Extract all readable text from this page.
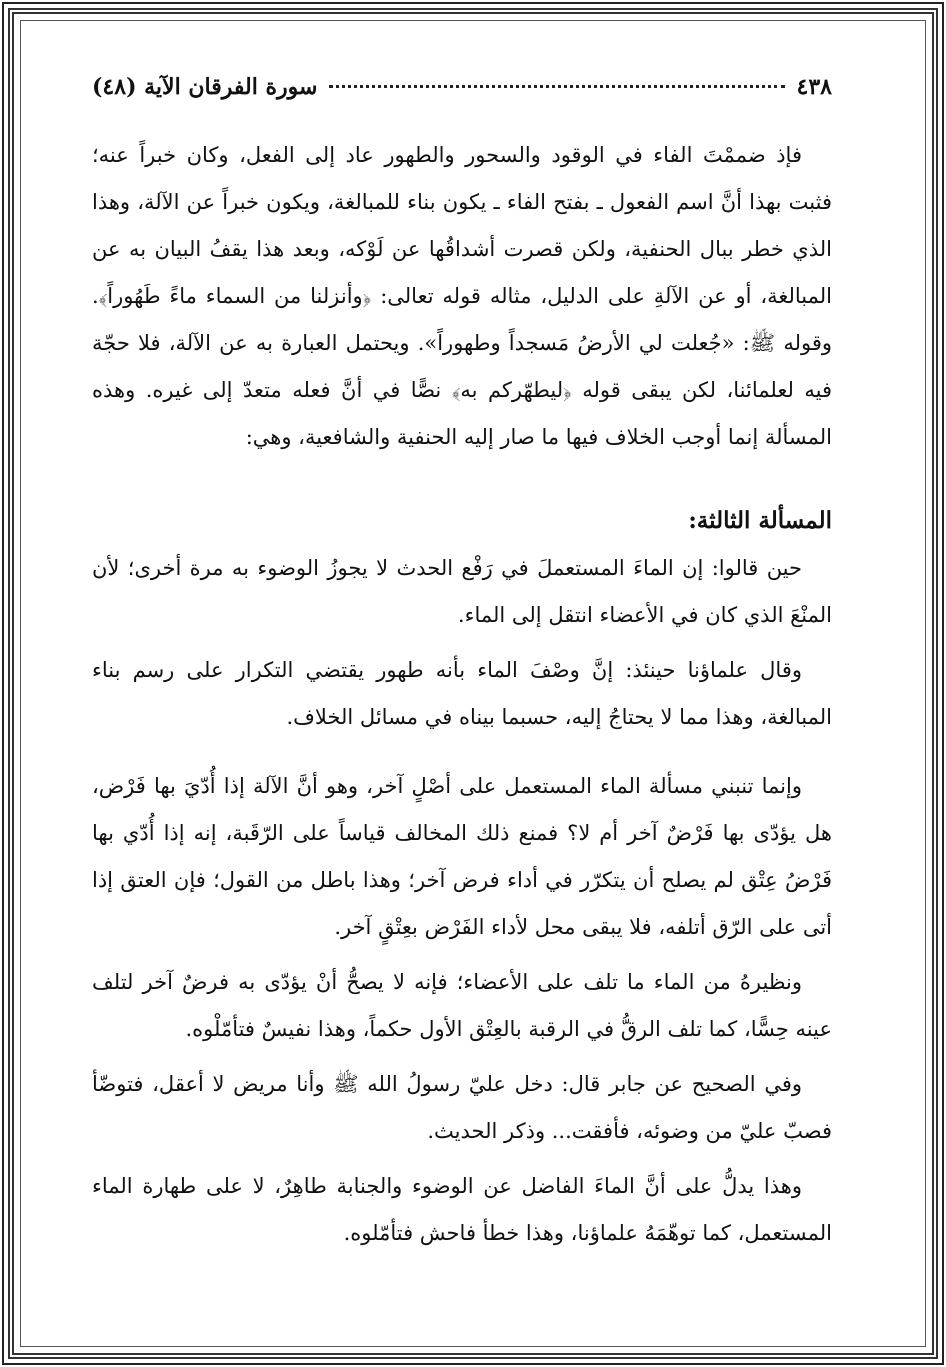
٤٣٨
سورة الفرقان الآية (٤٨)

فإذ ضممْتَ الفاء في الوقود والسحور والطهور عاد إلى الفعل، وكان خبراً عنه؛ فثبت بهذا أنَّ اسم الفعول ـ بفتح الفاء ـ يكون بناء للمبالغة، ويكون خبراً عن الآلة، وهذا الذي خطر ببال الحنفية، ولكن قصرت أشداقُها عن لَوْكه، وبعد هذا يقفُ البيان به عن المبالغة، أو عن الآلةِ على الدليل، مثاله قوله تعالى: ﴿وأنزلنا من السماء ماءً طَهُوراً﴾. وقوله ﷺ: «جُعلت لي الأرضُ مَسجداً وطهوراً». ويحتمل العبارة به عن الآلة، فلا حجّة فيه لعلمائنا، لكن يبقى قوله ﴿ليطهّركم به﴾ نصًّا في أنَّ فعله متعدّ إلى غيره. وهذه المسألة إنما أوجب الخلاف فيها ما صار إليه الحنفية والشافعية، وهي:

المسألة الثالثة:

حين قالوا: إن الماءَ المستعملَ في رَفْع الحدث لا يجوزُ الوضوء به مرة أخرى؛ لأن المنْعَ الذي كان في الأعضاء انتقل إلى الماء.

وقال علماؤنا حينئذ: إنَّ وصْفَ الماء بأنه طهور يقتضي التكرار على رسم بناء المبالغة، وهذا مما لا يحتاجُ إليه، حسبما بيناه في مسائل الخلاف.

وإنما تنبني مسألة الماء المستعمل على أصْلٍ آخر، وهو أنَّ الآلة إذا أُدّيَ بها فَرْض، هل يؤدّى بها فَرْضٌ آخر أم لا؟ فمنع ذلك المخالف قياساً على الرّقَبة، إنه إذا أُدّي بها فَرْضُ عِتْق لم يصلح أن يتكرّر في أداء فرض آخر؛ وهذا باطل من القول؛ فإن العتق إذا أتى على الرّق أتلفه، فلا يبقى محل لأداء الفَرْض بعِتْقٍ آخر.

ونظيرهُ من الماء ما تلف على الأعضاء؛ فإنه لا يصحُّ أنْ يؤدّى به فرضٌ آخر لتلف عينه حِسًّا، كما تلف الرقُّ في الرقبة بالعِتْق الأول حكماً، وهذا نفيسٌ فتأمّلْوه.

وفي الصحيح عن جابر قال: دخل عليّ رسولُ الله ﷺ وأنا مريض لا أعقل، فتوضّأ فصبّ عليّ من وضوئه، فأفقت... وذكر الحديث.

وهذا يدلُّ على أنَّ الماءَ الفاضل عن الوضوء والجنابة طاهِرٌ، لا على طهارة الماء المستعمل، كما توهّمَهُ علماؤنا، وهذا خطأ فاحش فتأمّلوه.
